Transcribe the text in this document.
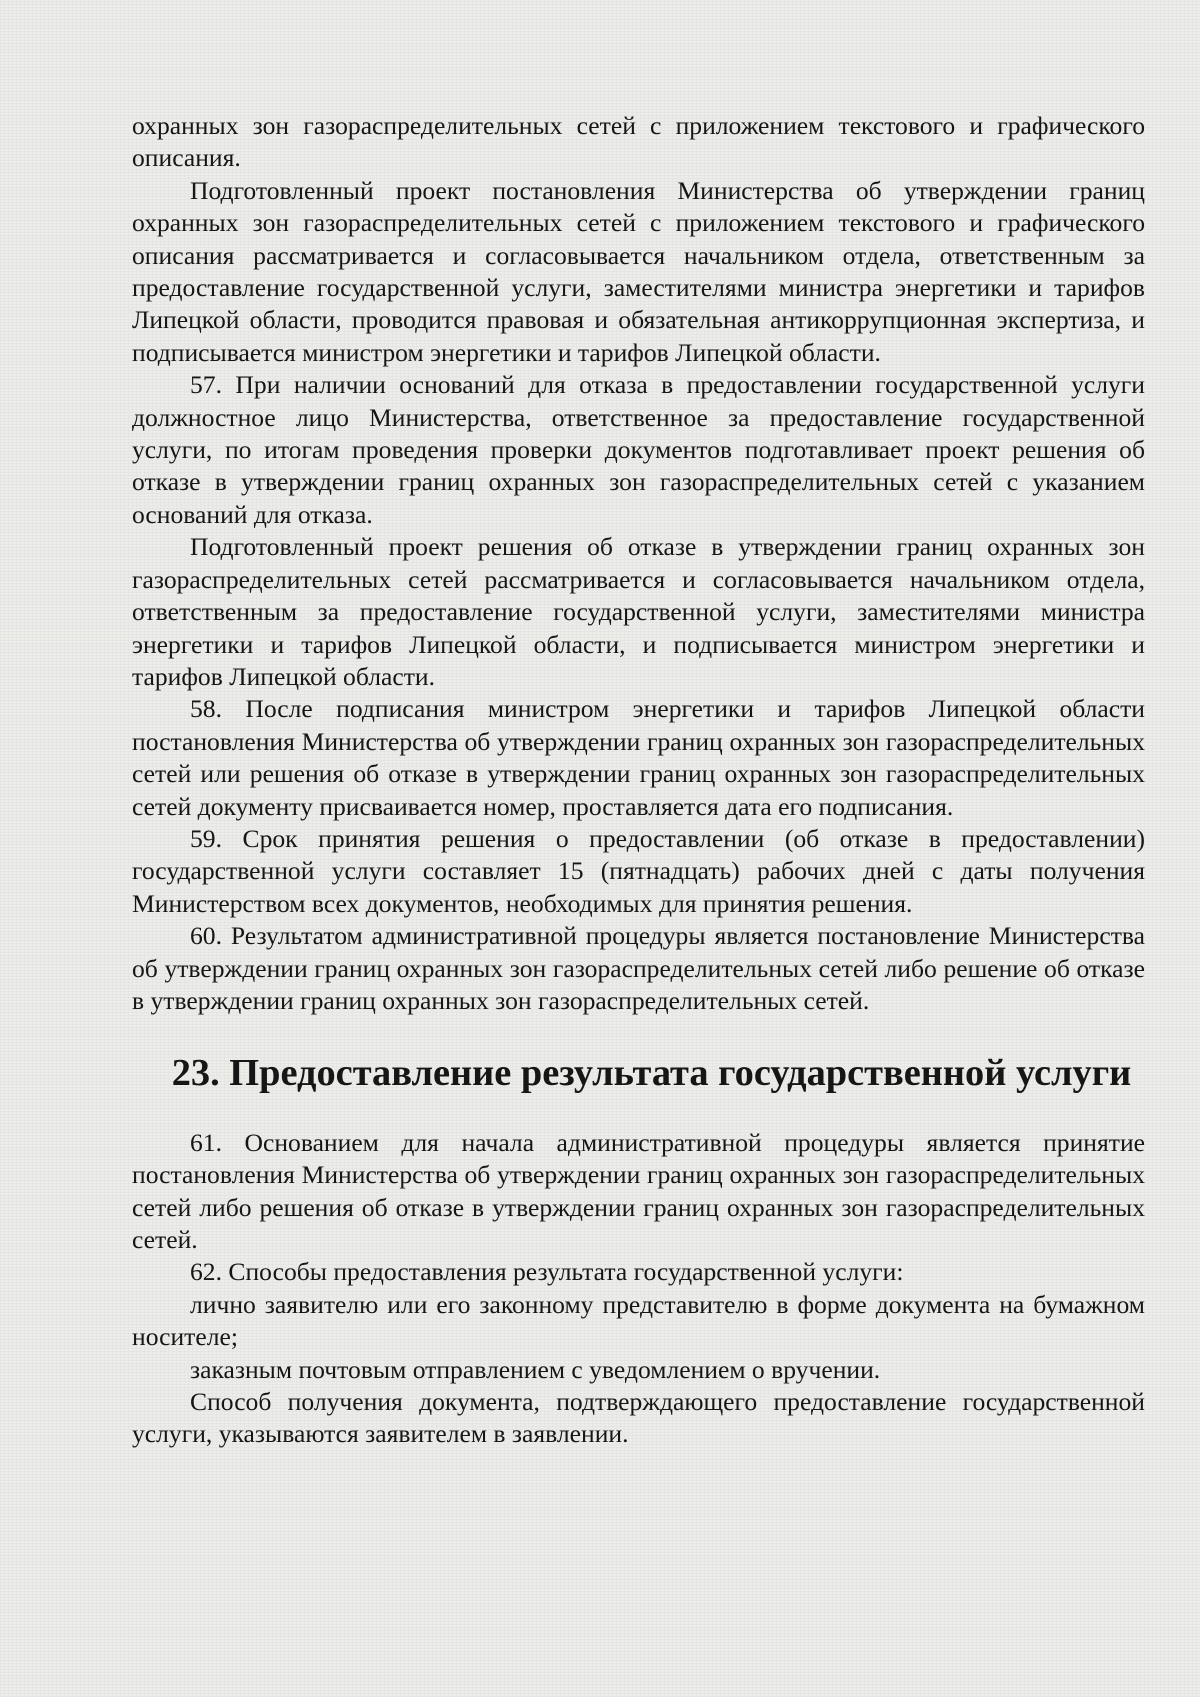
охранных зон газораспределительных сетей с приложением текстового и графического описания.

Подготовленный проект постановления Министерства об утверждении границ охранных зон газораспределительных сетей с приложением текстового и графического описания рассматривается и согласовывается начальником отдела, ответственным за предоставление государственной услуги, заместителями министра энергетики и тарифов Липецкой области, проводится правовая и обязательная антикоррупционная экспертиза, и подписывается министром энергетики и тарифов Липецкой области.

57. При наличии оснований для отказа в предоставлении государственной услуги должностное лицо Министерства, ответственное за предоставление государственной услуги, по итогам проведения проверки документов подготавливает проект решения об отказе в утверждении границ охранных зон газораспределительных сетей с указанием оснований для отказа.

Подготовленный проект решения об отказе в утверждении границ охранных зон газораспределительных сетей рассматривается и согласовывается начальником отдела, ответственным за предоставление государственной услуги, заместителями министра энергетики и тарифов Липецкой области, и подписывается министром энергетики и тарифов Липецкой области.

58. После подписания министром энергетики и тарифов Липецкой области постановления Министерства об утверждении границ охранных зон газораспределительных сетей или решения об отказе в утверждении границ охранных зон газораспределительных сетей документу присваивается номер, проставляется дата его подписания.

59. Срок принятия решения о предоставлении (об отказе в предоставлении) государственной услуги составляет 15 (пятнадцать) рабочих дней с даты получения Министерством всех документов, необходимых для принятия решения.

60. Результатом административной процедуры является постановление Министерства об утверждении границ охранных зон газораспределительных сетей либо решение об отказе в утверждении границ охранных зон газораспределительных сетей.

23. Предоставление результата государственной услуги

61. Основанием для начала административной процедуры является принятие постановления Министерства об утверждении границ охранных зон газораспределительных сетей либо решения об отказе в утверждении границ охранных зон газораспределительных сетей.

62. Способы предоставления результата государственной услуги:

лично заявителю или его законному представителю в форме документа на бумажном носителе;

заказным почтовым отправлением с уведомлением о вручении.

Способ получения документа, подтверждающего предоставление государственной услуги, указываются заявителем в заявлении.
